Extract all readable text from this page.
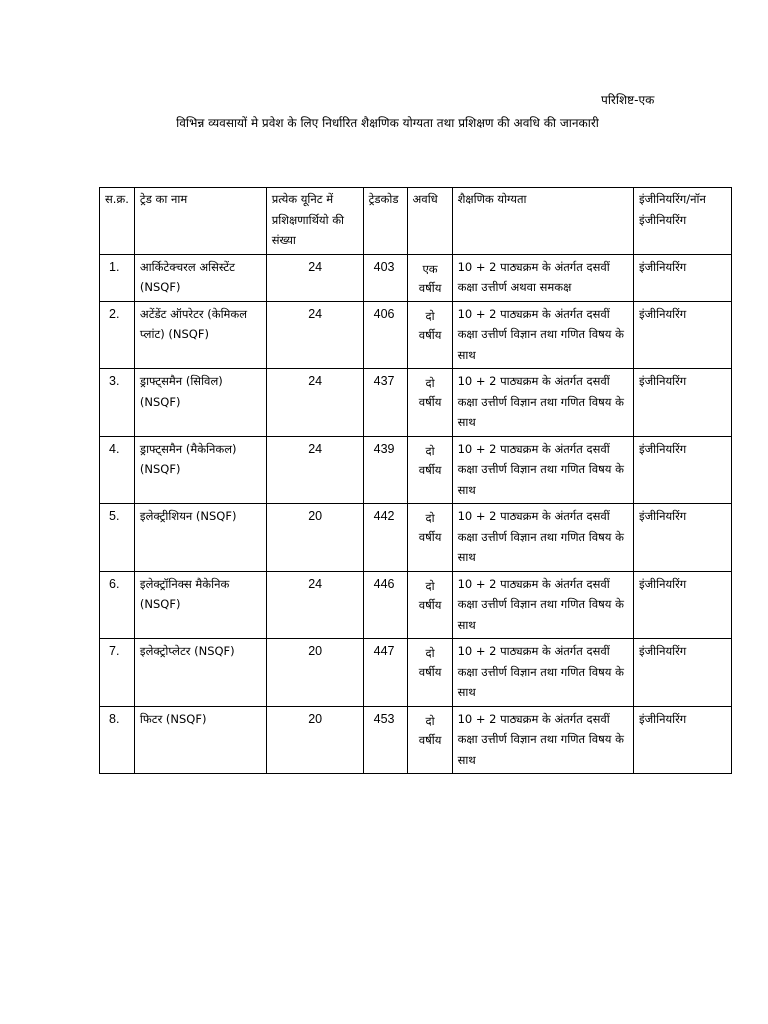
परिशिष्ट-एक
विभिन्न व्यवसायों मे प्रवेश के लिए निर्धारित शैक्षणिक योग्यता तथा प्रशिक्षण की अवधि की जानकारी
स.क्र.	ट्रेड का नाम	प्रत्येक यूनिट में प्रशिक्षणार्थियो की संख्या	ट्रेडकोड	अवधि	शैक्षणिक योग्यता	इंजीनियरिंग/नॉन इंजीनियरिंग
1.	आर्किटेक्चरल असिस्टेंट (NSQF)	24	403	एक वर्षीय	10 + 2 पाठ्यक्रम के अंतर्गत दसवीं कक्षा उत्तीर्ण अथवा समकक्ष	इंजीनियरिंग
2.	अटेंडेंट ऑपरेटर (केमिकल प्लांट) (NSQF)	24	406	दो वर्षीय	10 + 2 पाठ्यक्रम के अंतर्गत दसवीं कक्षा उत्तीर्ण विज्ञान तथा गणित विषय के साथ	इंजीनियरिंग
3.	ड्राफ्ट्समैन (सिविल) (NSQF)	24	437	दो वर्षीय	10 + 2 पाठ्यक्रम के अंतर्गत दसवीं कक्षा उत्तीर्ण विज्ञान तथा गणित विषय के साथ	इंजीनियरिंग
4.	ड्राफ्ट्समैन (मैकेनिकल) (NSQF)	24	439	दो वर्षीय	10 + 2 पाठ्यक्रम के अंतर्गत दसवीं कक्षा उत्तीर्ण विज्ञान तथा गणित विषय के साथ	इंजीनियरिंग
5.	इलेक्ट्रीशियन (NSQF)	20	442	दो वर्षीय	10 + 2 पाठ्यक्रम के अंतर्गत दसवीं कक्षा उत्तीर्ण विज्ञान तथा गणित विषय के साथ	इंजीनियरिंग
6.	इलेक्ट्रॉनिक्स मैकेनिक (NSQF)	24	446	दो वर्षीय	10 + 2 पाठ्यक्रम के अंतर्गत दसवीं कक्षा उत्तीर्ण विज्ञान तथा गणित विषय के साथ	इंजीनियरिंग
7.	इलेक्ट्रोप्लेटर (NSQF)	20	447	दो वर्षीय	10 + 2 पाठ्यक्रम के अंतर्गत दसवीं कक्षा उत्तीर्ण विज्ञान तथा गणित विषय के साथ	इंजीनियरिंग
8.	फिटर (NSQF)	20	453	दो वर्षीय	10 + 2 पाठ्यक्रम के अंतर्गत दसवीं कक्षा उत्तीर्ण विज्ञान तथा गणित विषय के साथ	इंजीनियरिंग
